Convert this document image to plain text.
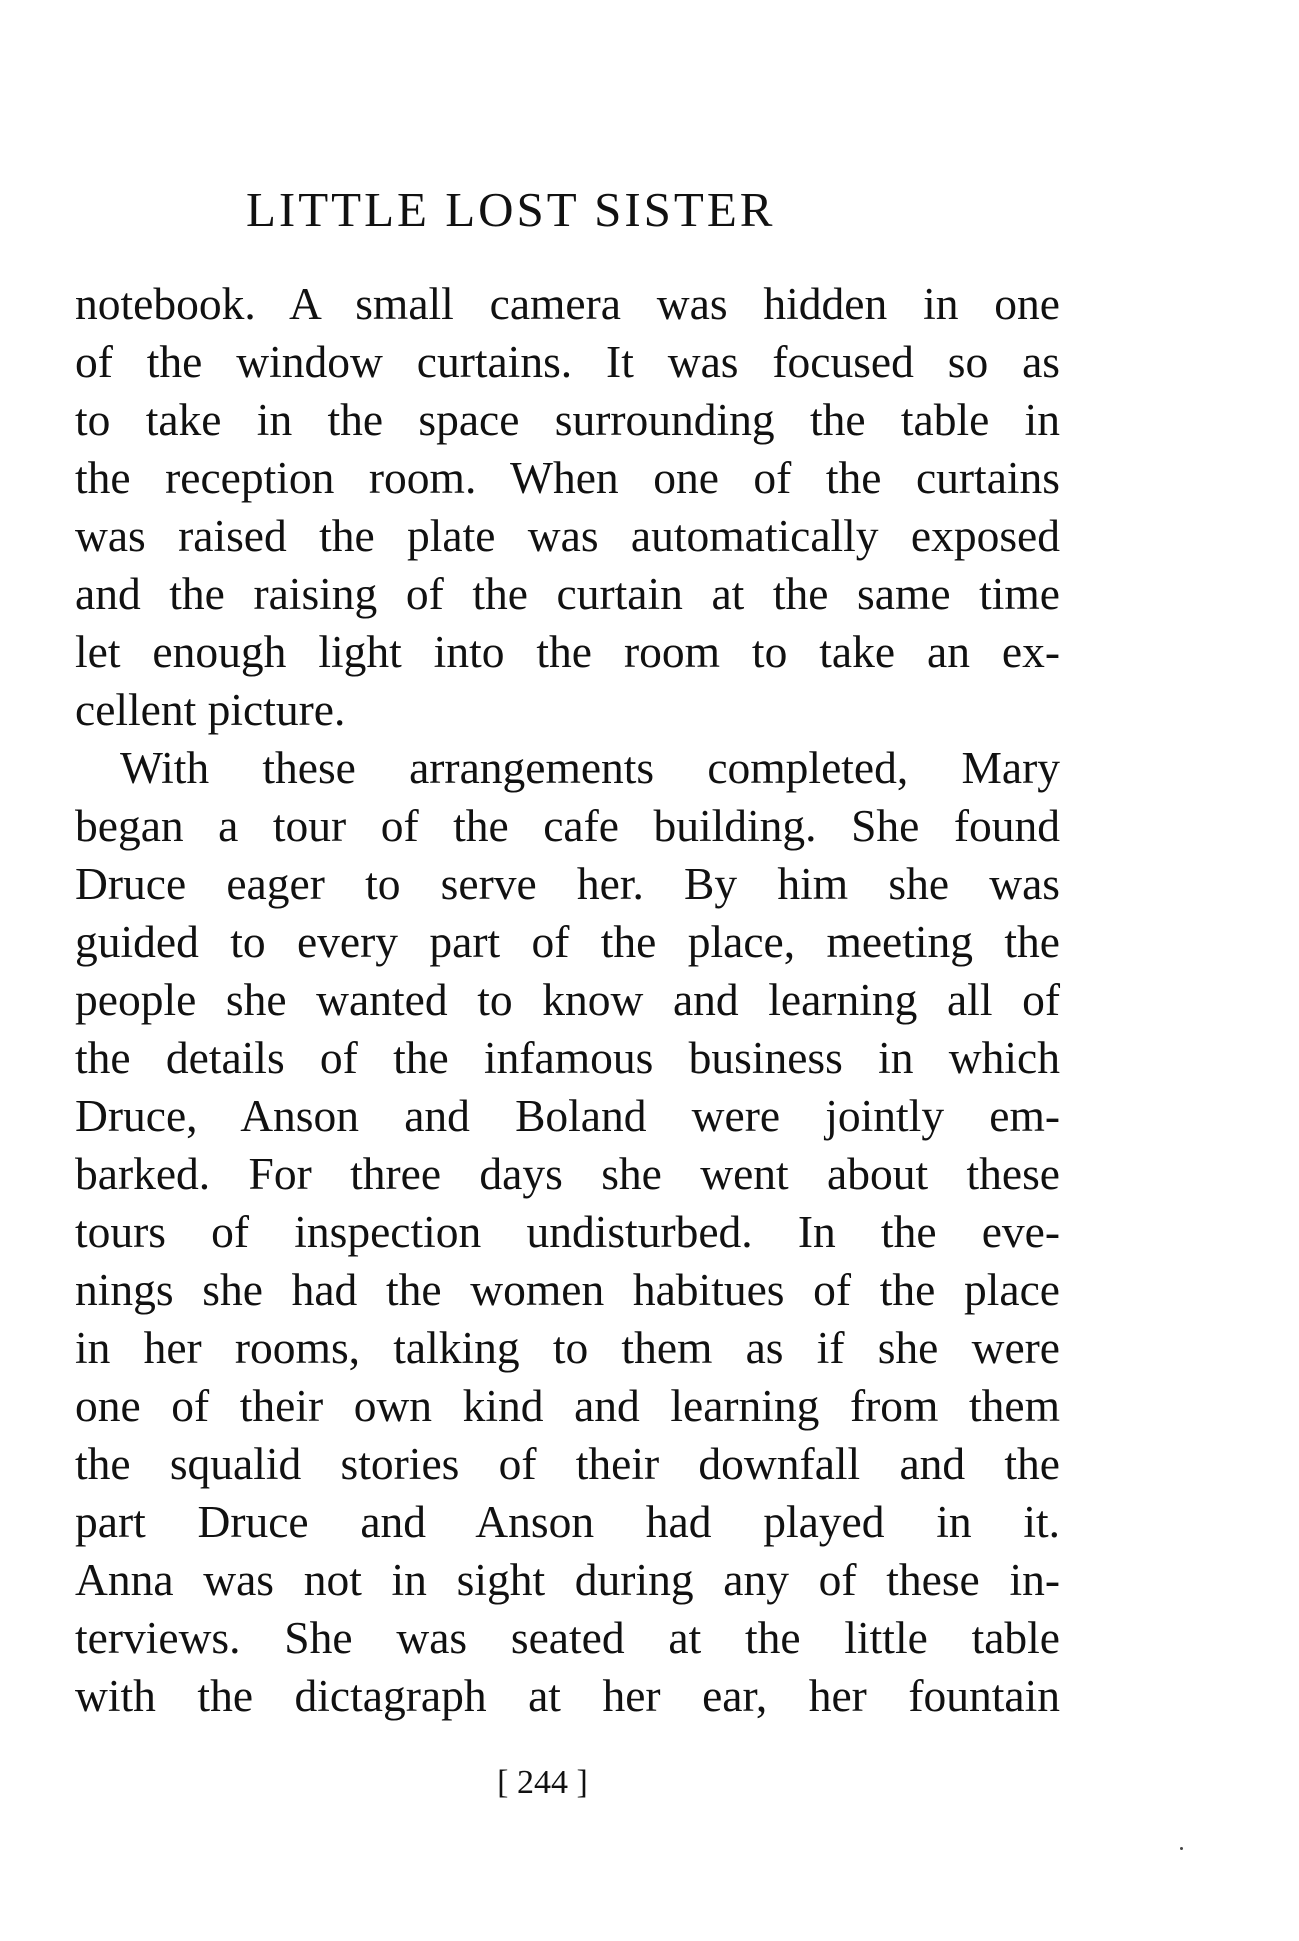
LITTLE LOST SISTER
notebook. A small camera was hidden in one
of the window curtains. It was focused so as
to take in the space surrounding the table in
the reception room. When one of the curtains
was raised the plate was automatically exposed
and the raising of the curtain at the same time
let enough light into the room to take an ex-
cellent picture.
With these arrangements completed, Mary
began a tour of the cafe building. She found
Druce eager to serve her. By him she was
guided to every part of the place, meeting the
people she wanted to know and learning all of
the details of the infamous business in which
Druce, Anson and Boland were jointly em-
barked. For three days she went about these
tours of inspection undisturbed. In the eve-
nings she had the women habitues of the place
in her rooms, talking to them as if she were
one of their own kind and learning from them
the squalid stories of their downfall and the
part Druce and Anson had played in it.
Anna was not in sight during any of these in-
terviews. She was seated at the little table
with the dictagraph at her ear, her fountain
[ 244 ]
